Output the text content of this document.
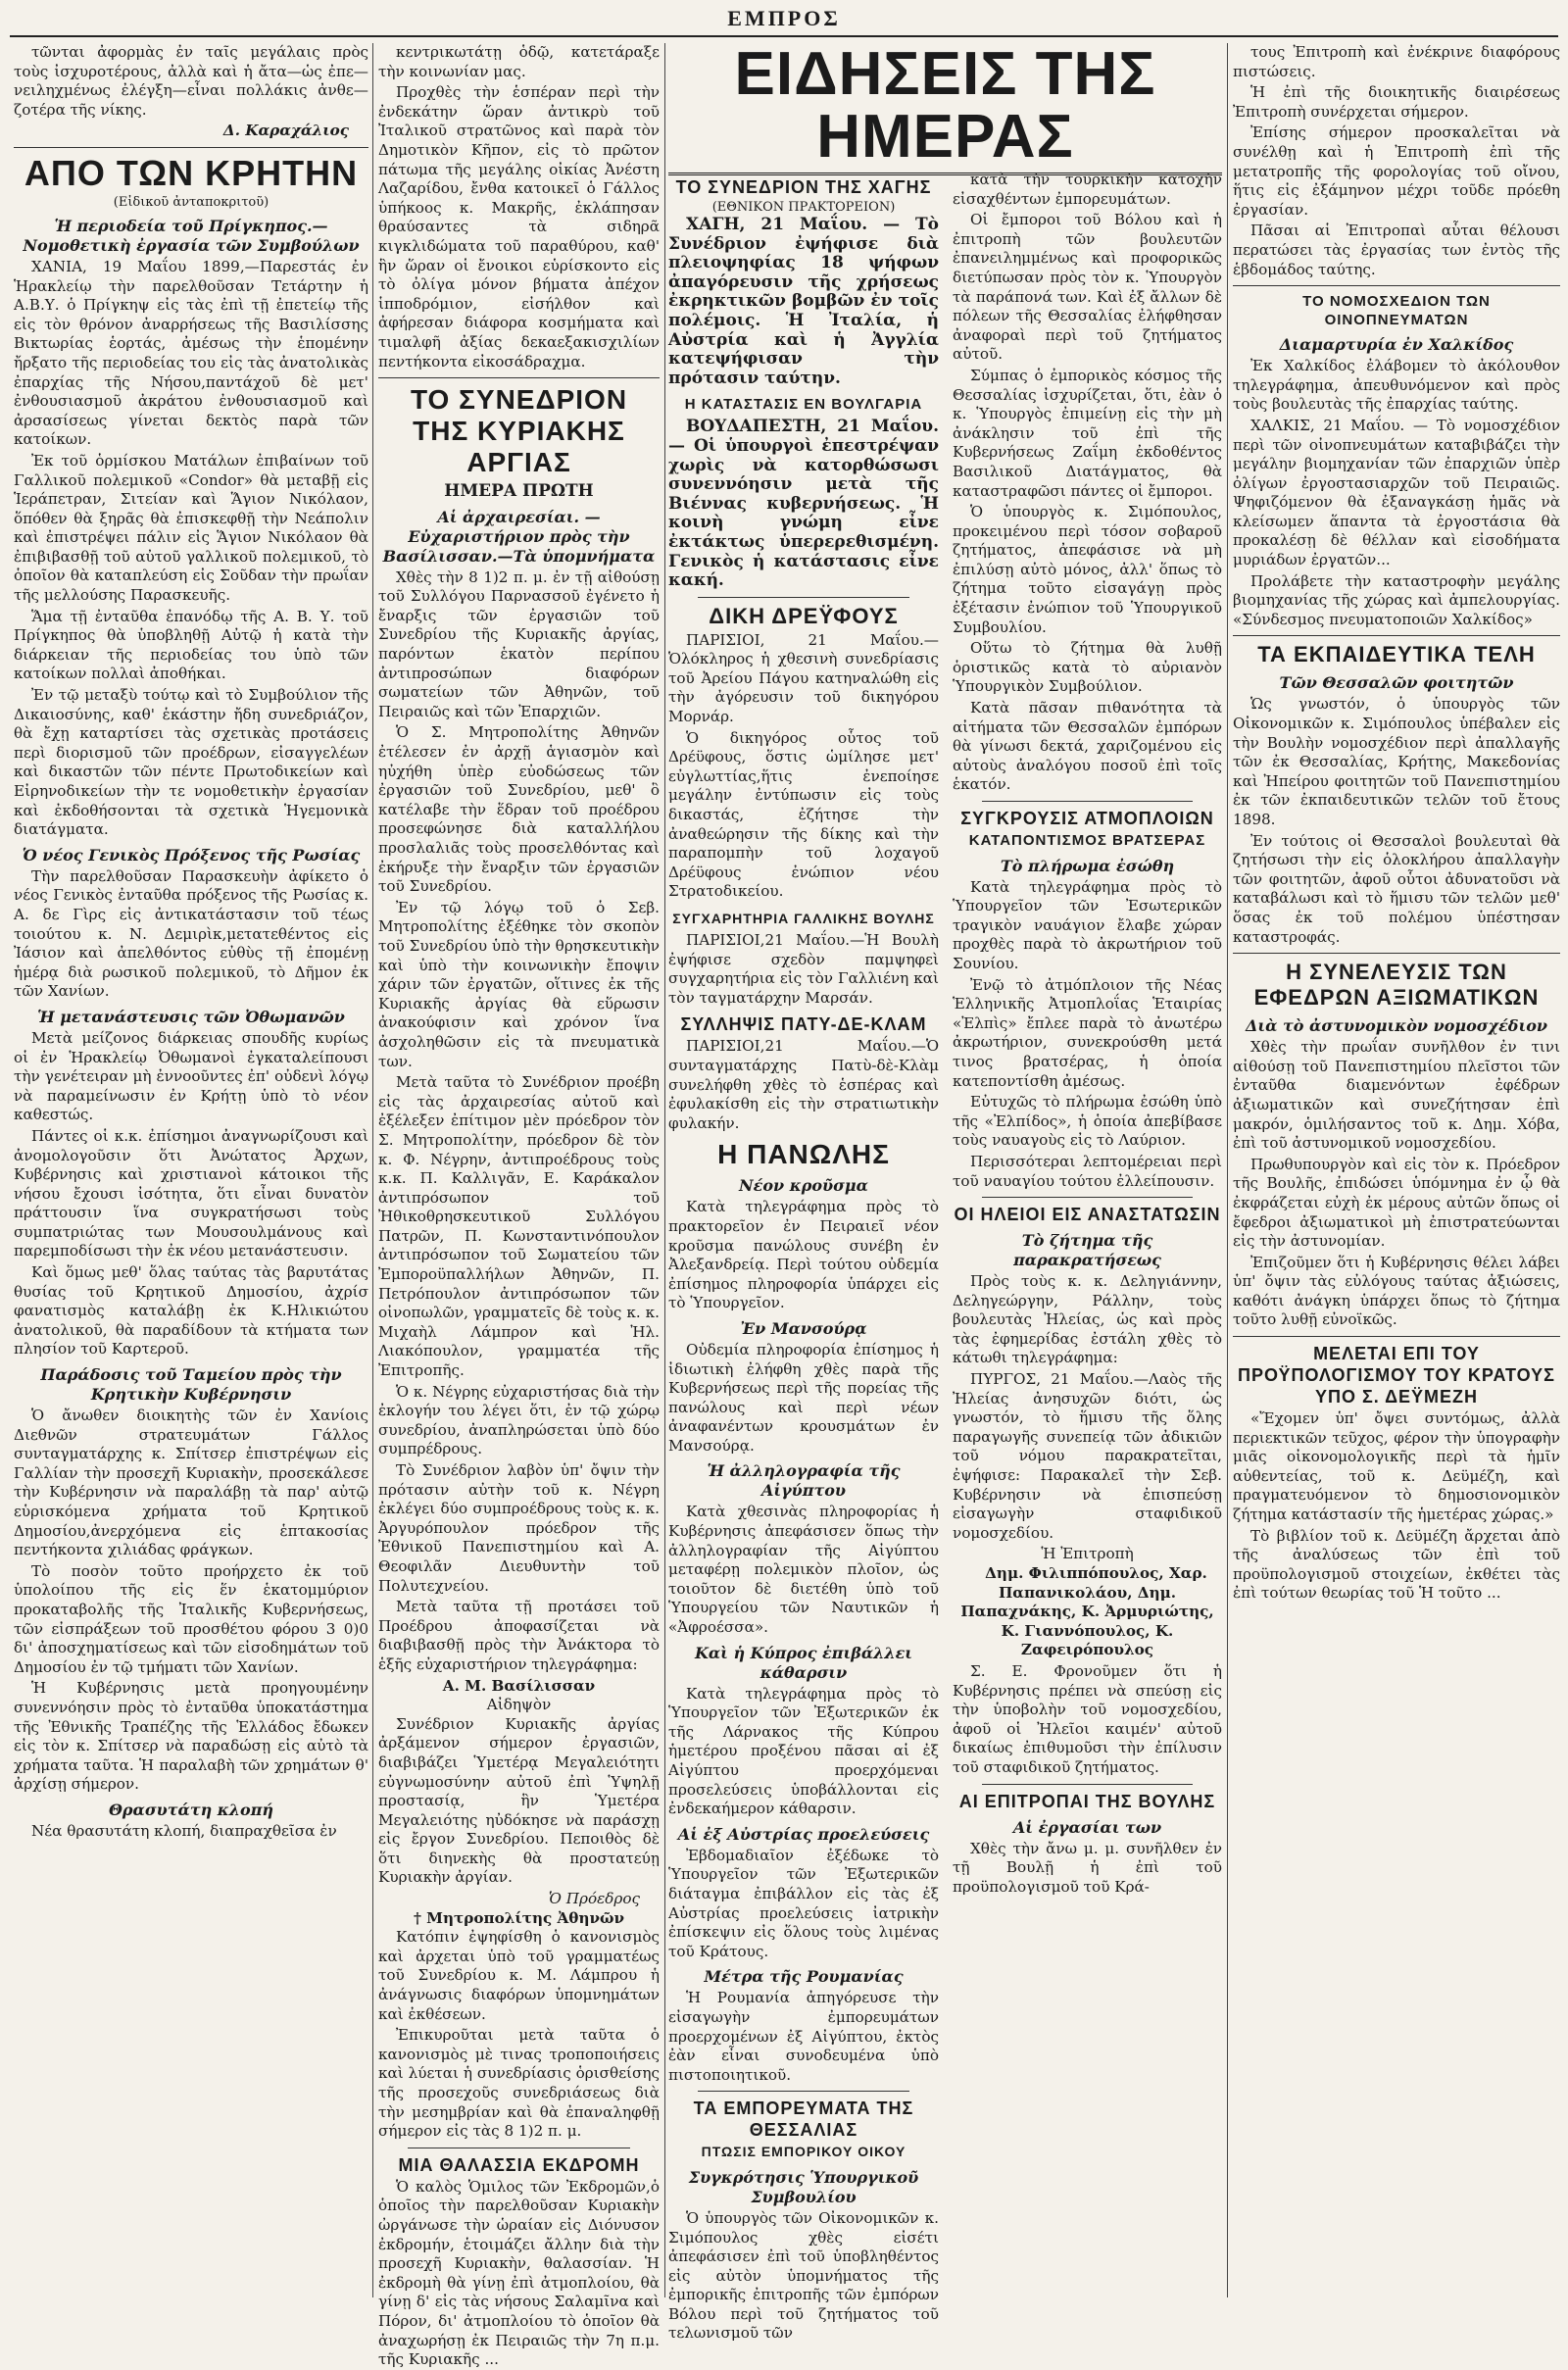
ΕΜΠΡΟΣ

τῶνται ἀφορμὰς ἐν ταῖς μεγάλαις πρὸς τοὺς ἰσχυροτέρους, ἀλλὰ καὶ ἡ ἄτα—ὡς ἐπε— νειληχμένως ἐλέγξη—εἶναι πολλάκις ἀνθε— ζοτέρα τῆς νίκης.

Δ. Καραχάλιος
ΑΠΟ ΤΩΝ ΚΡΗΤΗΝ
(Εἰδικοῦ ἀνταποκριτοῦ)
Ἡ περιοδεία τοῦ Πρίγκηπος.—Νομοθετικὴ ἐργασία τῶν Συμβούλων

ΧΑΝΙΑ, 19 Μαΐου 1899,—Παρεστάς ἐν Ἡρακλείῳ τὴν παρελθοῦσαν Τετάρτην ἡ Α.Β.Υ. ὁ Πρίγκηψ εἰς τὰς ἐπὶ τῇ ἐπετείῳ τῆς εἰς τὸν θρόνον ἀναρρήσεως τῆς Βασιλίσσης Βικτωρίας ἑορτάς, ἀμέσως τὴν ἑπομένην ἤρξατο τῆς περιοδείας του εἰς τὰς ἀνατολικὰς ἐπαρχίας τῆς Νήσου,παντάχοῦ δὲ μετ' ἐνθουσιασμοῦ ἀκράτου ἐνθουσιασμοῦ καὶ ἀρσασίσεως γίνεται δεκτὸς παρὰ τῶν κατοίκων.

Ἐκ τοῦ ὁρμίσκου Ματάλων ἐπιβαίνων τοῦ Γαλλικοῦ πολεμικοῦ «Condor» θὰ μεταβῇ εἰς Ἱεράπετραν, Σιτείαν καὶ Ἅγιον Νικόλαον, ὅπόθεν θὰ ξηρᾶς θὰ ἐπισκεφθῇ τὴν Νεάπολιν καὶ ἐπιστρέψει πάλιν εἰς Ἅγιον Νικόλαον θὰ ἐπιβιβασθῇ τοῦ αὐτοῦ γαλλικοῦ πολεμικοῦ, τὸ ὁποῖον θὰ καταπλεύση εἰς Σοῦδαν τὴν πρωΐαν τῆς μελλούσης Παρασκευῆς.

Ἅμα τῇ ἐνταῦθα ἐπανόδῳ τῆς Α. Β. Υ. τοῦ Πρίγκηπος θὰ ὑποβληθῇ Αὐτῷ ἡ κατὰ τὴν διάρκειαν τῆς περιοδείας του ὑπὸ τῶν κατοίκων πολλαὶ ἀποθήκαι.

Ἐν τῷ μεταξὺ τούτῳ καὶ τὸ Συμβούλιον τῆς Δικαιοσύνης, καθ' ἑκάστην ἤδη συνεδριάζον, θὰ ἔχῃ καταρτίσει τὰς σχετικὰς προτάσεις περὶ διορισμοῦ τῶν προέδρων, εἰσαγγελέων καὶ δικαστῶν τῶν πέντε Πρωτοδικείων καὶ Εἰρηνοδικείων τὴν τε νομοθετικὴν ἐργασίαν καὶ ἐκδοθήσονται τὰ σχετικὰ Ἡγεμονικὰ διατάγματα.

Ὁ νέος Γενικὸς Πρόξενος τῆς Ρωσίας

Τὴν παρελθοῦσαν Παρασκευὴν ἀφίκετο ὁ νέος Γενικὸς ἐνταῦθα πρόξενος τῆς Ρωσίας κ. Α. δε Γὶρς εἰς ἀντικατάστασιν τοῦ τέως τοιούτου κ. Ν. Δεμιρὶκ,μετατεθέντος εἰς Ἰάσιον καὶ ἀπελθόντος εὐθὺς τῇ ἐπομένῃ ἡμέρᾳ διὰ ρωσικοῦ πολεμικοῦ, τὸ Δῆμον ἐκ τῶν Χανίων.

Ἡ μετανάστευσις τῶν Ὀθωμανῶν

Μετὰ μείζονος διάρκειας σπουδῆς κυρίως οἱ ἐν Ἡρακλείῳ Ὀθωμανοὶ ἐγκαταλείπουσι τὴν γενέτειραν μὴ ἐννοοῦντες ἐπ' οὐδενὶ λόγῳ νὰ παραμείνωσιν ἐν Κρήτῃ ὑπὸ τὸ νέον καθεστώς.

Πάντες οἱ κ.κ. ἐπίσημοι ἀναγνωρίζουσι καὶ ἀνομολογοῦσιν ὅτι Ἀνώτατος Ἀρχων, Κυβέρνησις καὶ χριστιανοὶ κάτοικοι τῆς νήσου ἔχουσι ἰσότητα, ὅτι εἶναι δυνατὸν πράττουσιν ἵνα συγκρατήσωσι τοὺς συμπατριώτας των Μουσουλμάνους καὶ παρεμποδίσωσι τὴν ἐκ νέου μετανάστευσιν.

Καὶ ὅμως μεθ' ὅλας ταύτας τὰς βαρυτάτας θυσίας τοῦ Κρητικοῦ Δημοσίου, ἀχρίσ φανατισμὸς καταλάβῃ ἐκ Κ.Ηλικιώτου ἀνατολικοῦ, θὰ παραδίδουν τὰ κτήματα των πλησίον τοῦ Καρτεροῦ.

Παράδοσις τοῦ Ταμείου πρὸς τὴν Κρητικὴν Κυβέρνησιν

Ὁ ἄνωθεν διοικητὴς τῶν ἐν Χανίοις Διεθνῶν στρατευμάτων Γάλλος συνταγματάρχης κ. Σπίτσερ ἐπιστρέψων εἰς Γαλλίαν τὴν προσεχῆ Κυριακὴν, προσεκάλεσε τὴν Κυβέρνησιν νὰ παραλάβῃ τὰ παρ' αὐτῷ εὑρισκόμενα χρήματα τοῦ Κρητικοῦ Δημοσίου,ἀνερχόμενα εἰς ἑπτακοσίας πεντήκοντα χιλιάδας φράγκων.

Τὸ ποσὸν τοῦτο προήρχετο ἐκ τοῦ ὑπολοίπου τῆς εἰς ἕν ἑκατομμύριον προκαταβολῆς τῆς Ἰταλικῆς Κυβερνήσεως, τῶν εἰσπράξεων τοῦ προσθέτου φόρου 3 0)0 δι' ἀποσχηματίσεως καὶ τῶν εἰσοδημάτων τοῦ Δημοσίου ἐν τῷ τμήματι τῶν Χανίων.

Ἡ Κυβέρνησις μετὰ προηγουμένην συνεννόησιν πρὸς τὸ ἐνταῦθα ὑποκατάστημα τῆς Ἐθνικῆς Τραπέζης τῆς Ἑλλάδος ἔδωκεν εἰς τὸν κ. Σπίτσερ νὰ παραδώσῃ εἰς αὐτὸ τὰ χρήματα ταῦτα. Ἡ παραλαβὴ τῶν χρημάτων θ' ἀρχίσῃ σήμερον.

Θρασυτάτη κλοπή

Νέα θρασυτάτη κλοπή, διαπραχθεῖσα ἐν

κεντρικωτάτῃ ὁδῷ, κατετάραξε τὴν κοινωνίαν μας.

Προχθὲς τὴν ἑσπέραν περὶ τὴν ἐνδεκάτην ὥραν ἀντικρὺ τοῦ Ἰταλικοῦ στρατῶνος καὶ παρὰ τὸν Δημοτικὸν Κῆπον, εἰς τὸ πρῶτον πάτωμα τῆς μεγάλης οἰκίας Ἀνέστη Λαζαρίδου, ἔνθα κατοικεῖ ὁ Γάλλος ὑπήκοος κ. Μακρῆς, ἐκλάπησαν θραύσαντες τὰ σιδηρᾶ κιγκλιδώματα τοῦ παραθύρου, καθ' ἣν ὥραν οἱ ἔνοικοι εὑρίσκοντο εἰς τὸ ὀλίγα μόνον βήματα ἀπέχον ἱπποδρόμιον, εἰσήλθον καὶ ἀφήρεσαν διάφορα κοσμήματα καὶ τιμαλφῆ ἀξίας δεκαεξακισχιλίων πεντήκοντα εἰκοσάδραχμα.

ΤΟ ΣΥΝΕΔΡΙΟΝ ΤΗΣ ΚΥΡΙΑΚΗΣ ΑΡΓΙΑΣ
ΗΜΕΡΑ ΠΡΩΤΗ
Αἱ ἀρχαιρεσίαι. — Εὐχαριστήριον πρὸς τὴν Βασίλισσαν.—Τὰ ὑπομνήματα

Χθὲς τὴν 8 1)2 π. μ. ἐν τῇ αἰθούσῃ τοῦ Συλλόγου Παρνασσοῦ ἐγένετο ἡ ἔναρξις τῶν ἐργασιῶν τοῦ Συνεδρίου τῆς Κυριακῆς ἀργίας, παρόντων ἑκατὸν περίπου ἀντιπροσώπων διαφόρων σωματείων τῶν Ἀθηνῶν, τοῦ Πειραιῶς καὶ τῶν Ἐπαρχιῶν.

Ὁ Σ. Μητροπολίτης Ἀθηνῶν ἐτέλεσεν ἐν ἀρχῇ ἁγιασμὸν καὶ ηὐχήθη ὑπὲρ εὐοδώσεως τῶν ἐργασιῶν τοῦ Συνεδρίου, μεθ' ὃ κατέλαβε τὴν ἕδραν τοῦ προέδρου προσεφώνησε διὰ καταλλήλου προσλαλιᾶς τοὺς προσελθόντας καὶ ἐκήρυξε τὴν ἔναρξιν τῶν ἐργασιῶν τοῦ Συνεδρίου.

Ἐν τῷ λόγῳ τοῦ ὁ Σεβ. Μητροπολίτης ἐξέθηκε τὸν σκοπὸν τοῦ Συνεδρίου ὑπὸ τὴν θρησκευτικὴν καὶ ὑπὸ τὴν κοινωνικὴν ἔποψιν χάριν τῶν ἐργατῶν, οἵτινες ἐκ τῆς Κυριακῆς ἀργίας θὰ εὕρωσιν ἀνακούφισιν καὶ χρόνον ἵνα ἀσχοληθῶσιν εἰς τὰ πνευματικὰ των.

Μετὰ ταῦτα τὸ Συνέδριον προέβη εἰς τὰς ἀρχαιρεσίας αὐτοῦ καὶ ἐξέλεξεν ἐπίτιμον μὲν πρόεδρον τὸν Σ. Μητροπολίτην, πρόεδρον δὲ τὸν κ. Φ. Νέγρην, ἀντιπροέδρους τοὺς κ.κ. Π. Καλλιγᾶν, Ε. Καράκαλον ἀντιπρόσωπον τοῦ Ἠθικοθρησκευτικοῦ Συλλόγου Πατρῶν, Π. Κωνσταντινόπουλον ἀντιπρόσωπον τοῦ Σωματείου τῶν Ἐμποροϋπαλλήλων Ἀθηνῶν, Π. Πετρόπουλον ἀντιπρόσωπον τῶν οἰνοπωλῶν, γραμματεῖς δὲ τοὺς κ. κ. Μιχαὴλ Λάμπρον καὶ Ἠλ. Λιακόπουλον, γραμματέα τῆς Ἐπιτροπῆς.

Ὁ κ. Νέγρης εὐχαριστήσας διὰ τὴν ἐκλογήν του λέγει ὅτι, ἐν τῷ χώρῳ συνεδρίου, ἀναπληρώσεται ὑπὸ δύο συμπρέδρους.

Τὸ Συνέδριον λαβὸν ὑπ' ὄψιν τὴν πρότασιν αὐτὴν τοῦ κ. Νέγρη ἐκλέγει δύο συμπροέδρους τοὺς κ. κ. Ἀργυρόπουλον πρόεδρον τῆς Ἐθνικοῦ Πανεπιστημίου καὶ Α. Θεοφιλᾶν Διευθυντὴν τοῦ Πολυτεχνείου.

Μετὰ ταῦτα τῇ προτάσει τοῦ Προέδρου ἀποφασίζεται νὰ διαβιβασθῇ πρὸς τὴν Ἀνάκτορα τὸ ἑξῆς εὐχαριστήριον τηλεγράφημα:

Α. Μ. Βασίλισσαν
Αἰδηψὸν

Συνέδριον Κυριακῆς ἀργίας ἀρξάμενον σήμερον ἐργασιῶν, διαβιβάζει Ὑμετέρᾳ Μεγαλειότητι εὐγνωμοσύνην αὐτοῦ ἐπὶ Ὑψηλῇ προστασίᾳ, ἣν Ὑμετέρα Μεγαλειότης ηὐδόκησε νὰ παράσχῃ εἰς ἔργον Συνεδρίου. Πεποιθὸς δὲ ὅτι διηνεκὴς θὰ προστατεύῃ Κυριακὴν ἀργίαν.

Ὁ Πρόεδρος
† Μητροπολίτης Ἀθηνῶν

Κατόπιν ἐψηφίσθη ὁ κανονισμὸς καὶ ἀρχεται ὑπὸ τοῦ γραμματέως τοῦ Συνεδρίου κ. Μ. Λάμπρου ἡ ἀνάγνωσις διαφόρων ὑπομνημάτων καὶ ἐκθέσεων.

Ἐπικυροῦται μετὰ ταῦτα ὁ κανονισμὸς μὲ τινας τροποποιήσεις καὶ λύεται ἡ συνεδρίασις ὁρισθείσης τῆς προσεχοῦς συνεδριάσεως διὰ τὴν μεσημβρίαν καὶ θὰ ἐπαναληφθῇ σήμερον εἰς τὰς 8 1)2 π. μ.

ΜΙΑ ΘΑΛΑΣΣΙΑ ΕΚΔΡΟΜΗ

Ὁ καλὸς Ὁμιλος τῶν Ἐκδρομῶν,ὁ ὁποῖος τὴν παρελθοῦσαν Κυριακὴν ὠργάνωσε τὴν ὡραίαν εἰς Διόνυσον ἐκδρομήν, ἑτοιμάζει ἄλλην διὰ τὴν προσεχῆ Κυριακὴν, θαλασσίαν. Ἡ ἐκδρομὴ θὰ γίνῃ ἐπὶ ἀτμοπλοίου, θὰ γίνῃ δ' εἰς τὰς νήσους Σαλαμῖνα καὶ Πόρον, δι' ἀτμοπλοίου τὸ ὁποῖον θὰ ἀναχωρήσῃ ἐκ Πειραιῶς τὴν 7η π.μ. τῆς Κυριακῆς ...

ΕΙΔΗΣΕΙΣ ΤΗΣ ΗΜΕΡΑΣ
ΤΟ ΣΥΝΕΔΡΙΟΝ ΤΗΣ ΧΑΓΗΣ
(ΕΘΝΙΚΟΝ ΠΡΑΚΤΟΡΕΙΟΝ)

ΧΑΓΗ, 21 Μαΐου. — Τὸ Συνέδριον ἐψήφισε διὰ πλειοψηφίας 18 ψήφων ἀπαγόρευσιν τῆς χρήσεως ἐκρηκτικῶν βομβῶν ἐν τοῖς πολέμοις. Ἡ Ἰταλία, ἡ Αὐστρία καὶ ἡ Ἀγγλία κατεψήφισαν τὴν πρότασιν ταύτην.

Η ΚΑΤΑΣΤΑΣΙΣ ΕΝ ΒΟΥΛΓΑΡΙΑ

ΒΟΥΔΑΠΕΣΤΗ, 21 Μαΐου. — Οἱ ὑπουργοὶ ἐπεστρέψαν χωρὶς νὰ κατορθώσωσι συνεννόησιν μετὰ τῆς Βιέννας κυβερνήσεως. Ἡ κοινὴ γνώμη εἶνε ἐκτάκτως ὑπερερεθισμένη. Γενικὸς ἡ κατάστασις εἶνε κακή.

ΔΙΚΗ ΔΡΕΫΦΟΥΣ

ΠΑΡΙΣΙΟΙ, 21 Μαΐου.—Ὁλόκληρος ἡ χθεσινὴ συνεδρίασις τοῦ Ἀρείου Πάγου κατηναλώθη εἰς τὴν ἀγόρευσιν τοῦ δικηγόρου Μορνάρ.

Ὁ δικηγόρος οὗτος τοῦ Δρέϋφους, ὅστις ὡμίλησε μετ' εὐγλωττίας,ἥτις ἐνεποίησε μεγάλην ἐντύπωσιν εἰς τοὺς δικαστάς, ἐζήτησε τὴν ἀναθεώρησιν τῆς δίκης καὶ τὴν παραπομπὴν τοῦ λοχαγοῦ Δρέϋφους ἐνώπιον νέου Στρατοδικείου.

ΣΥΓΧΑΡΗΤΗΡΙΑ ΓΑΛΛΙΚΗΣ ΒΟΥΛΗΣ

ΠΑΡΙΣΙΟΙ,21 Μαΐου.—Ἡ Βουλὴ ἐψήφισε σχεδὸν παμψηφεὶ συγχαρητήρια εἰς τὸν Γαλλιένη καὶ τὸν ταγματάρχην Μαρσάν.

ΣΥΛΛΗΨΙΣ ΠΑΤΥ-ΔΕ-ΚΛΑΜ

ΠΑΡΙΣΙΟΙ,21 Μαΐου.—Ὁ συνταγματάρχης Πατὺ-δὲ-Κλὰμ συνελήφθη χθὲς τὸ ἑσπέρας καὶ ἐφυλακίσθη εἰς τὴν στρατιωτικὴν φυλακήν.

Η ΠΑΝΩΛΗΣ
Νέον κροῦσμα

Κατὰ τηλεγράφημα πρὸς τὸ πρακτορεῖον ἐν Πειραιεῖ νέον κροῦσμα πανώλους συνέβη ἐν Ἀλεξανδρείᾳ. Περὶ τούτου οὐδεμία ἐπίσημος πληροφορία ὑπάρχει εἰς τὸ Ὑπουργεῖον.

Ἐν Μανσούρᾳ

Οὐδεμία πληροφορία ἐπίσημος ἡ ἰδιωτικὴ ἐλήφθη χθὲς παρὰ τῆς Κυβερνήσεως περὶ τῆς πορείας τῆς πανώλους καὶ περὶ νέων ἀναφανέντων κρουσμάτων ἐν Μανσούρᾳ.

Ἡ ἀλληλογραφία τῆς Αἰγύπτου

Κατὰ χθεσινὰς πληροφορίας ἡ Κυβέρνησις ἀπεφάσισεν ὅπως τὴν ἀλληλογραφίαν τῆς Αἰγύπτου μεταφέρῃ πολεμικὸν πλοῖον, ὡς τοιοῦτον δὲ διετέθη ὑπὸ τοῦ Ὑπουργείου τῶν Ναυτικῶν ἡ «Ἀφροέσσα».

Καὶ ἡ Κύπρος ἐπιβάλλει κάθαρσιν

Κατὰ τηλεγράφημα πρὸς τὸ Ὑπουργεῖον τῶν Ἐξωτερικῶν ἐκ τῆς Λάρνακος τῆς Κύπρου ἡμετέρου προξένου πᾶσαι αἱ ἐξ Αἰγύπτου προερχόμεναι προσελεύσεις ὑποβάλλονται εἰς ἐνδεκαήμερον κάθαρσιν.

Αἱ ἐξ Αὐστρίας προελεύσεις

Ἐβδομαδιαῖον ἐξέδωκε τὸ Ὑπουργεῖον τῶν Ἐξωτερικῶν διάταγμα ἐπιβάλλον εἰς τὰς ἐξ Αὐστρίας προελεύσεις ἰατρικὴν ἐπίσκεψιν εἰς ὅλους τοὺς λιμένας τοῦ Κράτους.

Μέτρα τῆς Ρουμανίας

Ἡ Ρουμανία ἀπηγόρευσε τὴν εἰσαγωγὴν ἐμπορευμάτων προερχομένων ἐξ Αἰγύπτου, ἐκτὸς ἐὰν εἶναι συνοδευμένα ὑπὸ πιστοποιητικοῦ.

ΤΑ ΕΜΠΟΡΕΥΜΑΤΑ ΤΗΣ ΘΕΣΣΑΛΙΑΣ
ΠΤΩΣΙΣ ΕΜΠΟΡΙΚΟΥ ΟΙΚΟΥ
Συγκρότησις Ὑπουργικοῦ Συμβουλίου

Ὁ ὑπουργὸς τῶν Οἰκονομικῶν κ. Σιμόπουλος χθὲς εἰσέτι ἀπεφάσισεν ἐπὶ τοῦ ὑποβληθέντος εἰς αὐτὸν ὑπομνήματος τῆς ἐμπορικῆς ἐπιτροπῆς τῶν ἐμπόρων Βόλου περὶ τοῦ ζητήματος τοῦ τελωνισμοῦ τῶν

κατὰ τὴν τουρκικὴν κατοχὴν εἰσαχθέντων ἐμπορευμάτων.

Οἱ ἔμποροι τοῦ Βόλου καὶ ἡ ἐπιτροπὴ τῶν βουλευτῶν ἐπανειλημμένως καὶ προφορικῶς διετύπωσαν πρὸς τὸν κ. Ὑπουργὸν τὰ παράπονά των. Καὶ ἐξ ἄλλων δὲ πόλεων τῆς Θεσσαλίας ἐλήφθησαν ἀναφοραὶ περὶ τοῦ ζητήματος αὐτοῦ.

Σύμπας ὁ ἐμπορικὸς κόσμος τῆς Θεσσαλίας ἰσχυρίζεται, ὅτι, ἐὰν ὁ κ. Ὑπουργὸς ἐπιμείνῃ εἰς τὴν μὴ ἀνάκλησιν τοῦ ἐπὶ τῆς Κυβερνήσεως Ζαΐμη ἐκδοθέντος Βασιλικοῦ Διατάγματος, θὰ καταστραφῶσι πάντες οἱ ἔμποροι.

Ὁ ὑπουργὸς κ. Σιμόπουλος, προκειμένου περὶ τόσον σοβαροῦ ζητήματος, ἀπεφάσισε νὰ μὴ ἐπιλύσῃ αὐτὸ μόνος, ἀλλ' ὅπως τὸ ζήτημα τοῦτο εἰσαγάγῃ πρὸς ἐξέτασιν ἐνώπιον τοῦ Ὑπουργικοῦ Συμβουλίου.

Οὕτω τὸ ζήτημα θὰ λυθῇ ὁριστικῶς κατὰ τὸ αὐριανὸν Ὑπουργικὸν Συμβούλιον.

Κατὰ πᾶσαν πιθανότητα τὰ αἰτήματα τῶν Θεσσαλῶν ἐμπόρων θὰ γίνωσι δεκτά, χαριζομένου εἰς αὐτοὺς ἀναλόγου ποσοῦ ἐπὶ τοῖς ἑκατόν.

ΣΥΓΚΡΟΥΣΙΣ ΑΤΜΟΠΛΟΙΩΝ
ΚΑΤΑΠΟΝΤΙΣΜΟΣ ΒΡΑΤΣΕΡΑΣ
Τὸ πλήρωμα ἐσώθη

Κατὰ τηλεγράφημα πρὸς τὸ Ὑπουργεῖον τῶν Ἐσωτερικῶν τραγικὸν ναυάγιον ἔλαβε χώραν προχθὲς παρὰ τὸ ἀκρωτήριον τοῦ Σουνίου.

Ἐνῷ τὸ ἀτμόπλοιον τῆς Νέας Ἑλληνικῆς Ἀτμοπλοΐας Ἑταιρίας «Ἐλπὶς» ἔπλεε παρὰ τὸ ἀνωτέρω ἀκρωτήριον, συνεκρούσθη μετά τινος βρατσέρας, ἡ ὁποία κατεποντίσθη ἀμέσως.

Εὐτυχῶς τὸ πλήρωμα ἐσώθη ὑπὸ τῆς «Ἐλπίδος», ἡ ὁποία ἀπεβίβασε τοὺς ναυαγοὺς εἰς τὸ Λαύριον.

Περισσότεραι λεπτομέρειαι περὶ τοῦ ναυαγίου τούτου ἐλλείπουσιν.

ΟΙ ΗΛΕΙΟΙ ΕΙΣ ΑΝΑΣΤΑΤΩΣΙΝ
Τὸ ζήτημα τῆς παρακρατήσεως

Πρὸς τοὺς κ. κ. Δεληγιάννην, Δεληγεώργην, Ράλλην, τοὺς βουλευτὰς Ἠλείας, ὡς καὶ πρὸς τὰς ἐφημερίδας ἐστάλη χθὲς τὸ κάτωθι τηλεγράφημα:

ΠΥΡΓΟΣ, 21 Μαΐου.—Λαὸς τῆς Ἠλείας ἀνησυχῶν διότι, ὡς γνωστόν, τὸ ἥμισυ τῆς ὅλης παραγωγῆς συνεπείᾳ τῶν ἀδικιῶν τοῦ νόμου παρακρατεῖται, ἐψήφισε: Παρακαλεῖ τὴν Σεβ. Κυβέρνησιν νὰ ἐπισπεύσῃ εἰσαγωγὴν σταφιδικοῦ νομοσχεδίου.

Ἡ Ἐπιτροπὴ

Δημ. Φιλιππόπουλος, Χαρ. Παπανικολάου, Δημ. Παπαχνάκης, Κ. Ἀρμυριώτης, Κ. Γιαννόπουλος, Κ. Ζαφειρόπουλος

Σ. Ε. Φρονοῦμεν ὅτι ἡ Κυβέρνησις πρέπει νὰ σπεύσῃ εἰς τὴν ὑποβολὴν τοῦ νομοσχεδίου, ἀφοῦ οἱ Ἠλεῖοι καιμέν' αὐτοῦ δικαίως ἐπιθυμοῦσι τὴν ἐπίλυσιν τοῦ σταφιδικοῦ ζητήματος.

ΑΙ ΕΠΙΤΡΟΠΑΙ ΤΗΣ ΒΟΥΛΗΣ
Αἱ ἐργασίαι των

Χθὲς τὴν ἄνω μ. μ. συνῆλθεν ἐν τῇ Βουλῇ ἡ ἐπὶ τοῦ προϋπολογισμοῦ τοῦ Κρά-

τους Ἐπιτροπὴ καὶ ἐνέκρινε διαφόρους πιστώσεις.

Ἡ ἐπὶ τῆς διοικητικῆς διαιρέσεως Ἐπιτροπὴ συνέρχεται σήμερον.

Ἐπίσης σήμερον προσκαλεῖται νὰ συνέλθῃ καὶ ἡ Ἐπιτροπὴ ἐπὶ τῆς μετατροπῆς τῆς φορολογίας τοῦ οἴνου, ἥτις εἰς ἐξάμηνον μέχρι τοῦδε πρόεθη ἐργασίαν.

Πᾶσαι αἱ Ἐπιτροπαὶ αὗται θέλουσι περατώσει τὰς ἐργασίας των ἐντὸς τῆς ἑβδομάδος ταύτης.

ΤΟ ΝΟΜΟΣΧΕΔΙΟΝ ΤΩΝ ΟΙΝΟΠΝΕΥΜΑΤΩΝ
Διαμαρτυρία ἐν Χαλκίδος

Ἐκ Χαλκίδος ἐλάβομεν τὸ ἀκόλουθον τηλεγράφημα, ἀπευθυνόμενον καὶ πρὸς τοὺς βουλευτὰς τῆς ἐπαρχίας ταύτης.

ΧΑΛΚΙΣ, 21 Μαΐου. — Τὸ νομοσχέδιον περὶ τῶν οἰνοπνευμάτων καταβιβάζει τὴν μεγάλην βιομηχανίαν τῶν ἐπαρχιῶν ὑπὲρ ὀλίγων ἐργοστασιαρχῶν τοῦ Πειραιῶς. Ψηφιζόμενον θὰ ἐξαναγκάσῃ ἡμᾶς νὰ κλείσωμεν ἅπαντα τὰ ἐργοστάσια θὰ προκαλέσῃ δὲ θέλλαν καὶ εἰσοδήματα μυριάδων ἐργατῶν...

Προλάβετε τὴν καταστροφὴν μεγάλης βιομηχανίας τῆς χώρας καὶ ἀμπελουργίας. «Σύνδεσμος πνευματοποιῶν Χαλκίδος»

ΤΑ ΕΚΠΑΙΔΕΥΤΙΚΑ ΤΕΛΗ
Τῶν Θεσσαλῶν φοιτητῶν

Ὡς γνωστόν, ὁ ὑπουργὸς τῶν Οἰκονομικῶν κ. Σιμόπουλος ὑπέβαλεν εἰς τὴν Βουλὴν νομοσχέδιον περὶ ἀπαλλαγῆς τῶν ἐκ Θεσσαλίας, Κρήτης, Μακεδονίας καὶ Ἠπείρου φοιτητῶν τοῦ Πανεπιστημίου ἐκ τῶν ἐκπαιδευτικῶν τελῶν τοῦ ἔτους 1898.

Ἐν τούτοις οἱ Θεσσαλοὶ βουλευταὶ θὰ ζητήσωσι τὴν εἰς ὁλοκλήρου ἀπαλλαγὴν τῶν φοιτητῶν, ἀφοῦ οὗτοι ἀδυνατοῦσι νὰ καταβάλωσι καὶ τὸ ἥμισυ τῶν τελῶν μεθ' ὅσας ἐκ τοῦ πολέμου ὑπέστησαν καταστροφάς.

Η ΣΥΝΕΛΕΥΣΙΣ ΤΩΝ ΕΦΕΔΡΩΝ ΑΞΙΩΜΑΤΙΚΩΝ
Διὰ τὸ ἀστυνομικὸν νομοσχέδιον

Χθὲς τὴν πρωΐαν συνῆλθον ἐν τινι αἰθούσῃ τοῦ Πανεπιστημίου πλεῖστοι τῶν ἐνταῦθα διαμενόντων ἐφέδρων ἀξιωματικῶν καὶ συνεζήτησαν ἐπὶ μακρόν, ὁμιλήσαντος τοῦ κ. Δημ. Χόβα, ἐπὶ τοῦ ἀστυνομικοῦ νομοσχεδίου.

Πρωθυπουργὸν καὶ εἰς τὸν κ. Πρόεδρον τῆς Βουλῆς, ἐπιδώσει ὑπόμνημα ἐν ᾧ θὰ ἐκφράζεται εὐχὴ ἐκ μέρους αὐτῶν ὅπως οἱ ἔφεδροι ἀξιωματικοὶ μὴ ἐπιστρατεύωνται εἰς τὴν ἀστυνομίαν.

Ἐπιζοῦμεν ὅτι ἡ Κυβέρνησις θέλει λάβει ὑπ' ὄψιν τὰς εὐλόγους ταύτας ἀξιώσεις, καθότι ἀνάγκη ὑπάρχει ὅπως τὸ ζήτημα τοῦτο λυθῇ εὐνοϊκῶς.

ΜΕΛΕΤΑΙ ΕΠΙ ΤΟΥ ΠΡΟΫΠΟΛΟΓΙΣΜΟΥ ΤΟΥ ΚΡΑΤΟΥΣ ΥΠΟ Σ. ΔΕΫΜΕΖΗ

«Ἔχομεν ὑπ' ὄψει συντόμως, ἀλλὰ περιεκτικῶν τεῦχος, φέρον τὴν ὑπογραφὴν μιᾶς οἰκονομολογικῆς περὶ τὰ ἡμῖν αὐθεντείας, τοῦ κ. Δεϋμέζη, καὶ πραγματευόμενον τὸ δημοσιονομικὸν ζήτημα κατάστασίν τῆς ἡμετέρας χώρας.»

Τὸ βιβλίον τοῦ κ. Δεϋμέζη ἄρχεται ἀπὸ τῆς ἀναλύσεως τῶν ἐπὶ τοῦ προϋπολογισμοῦ στοιχείων, ἐκθέτει τὰς ἐπὶ τούτων θεωρίας τοῦ Ἡ τοῦτο ...
